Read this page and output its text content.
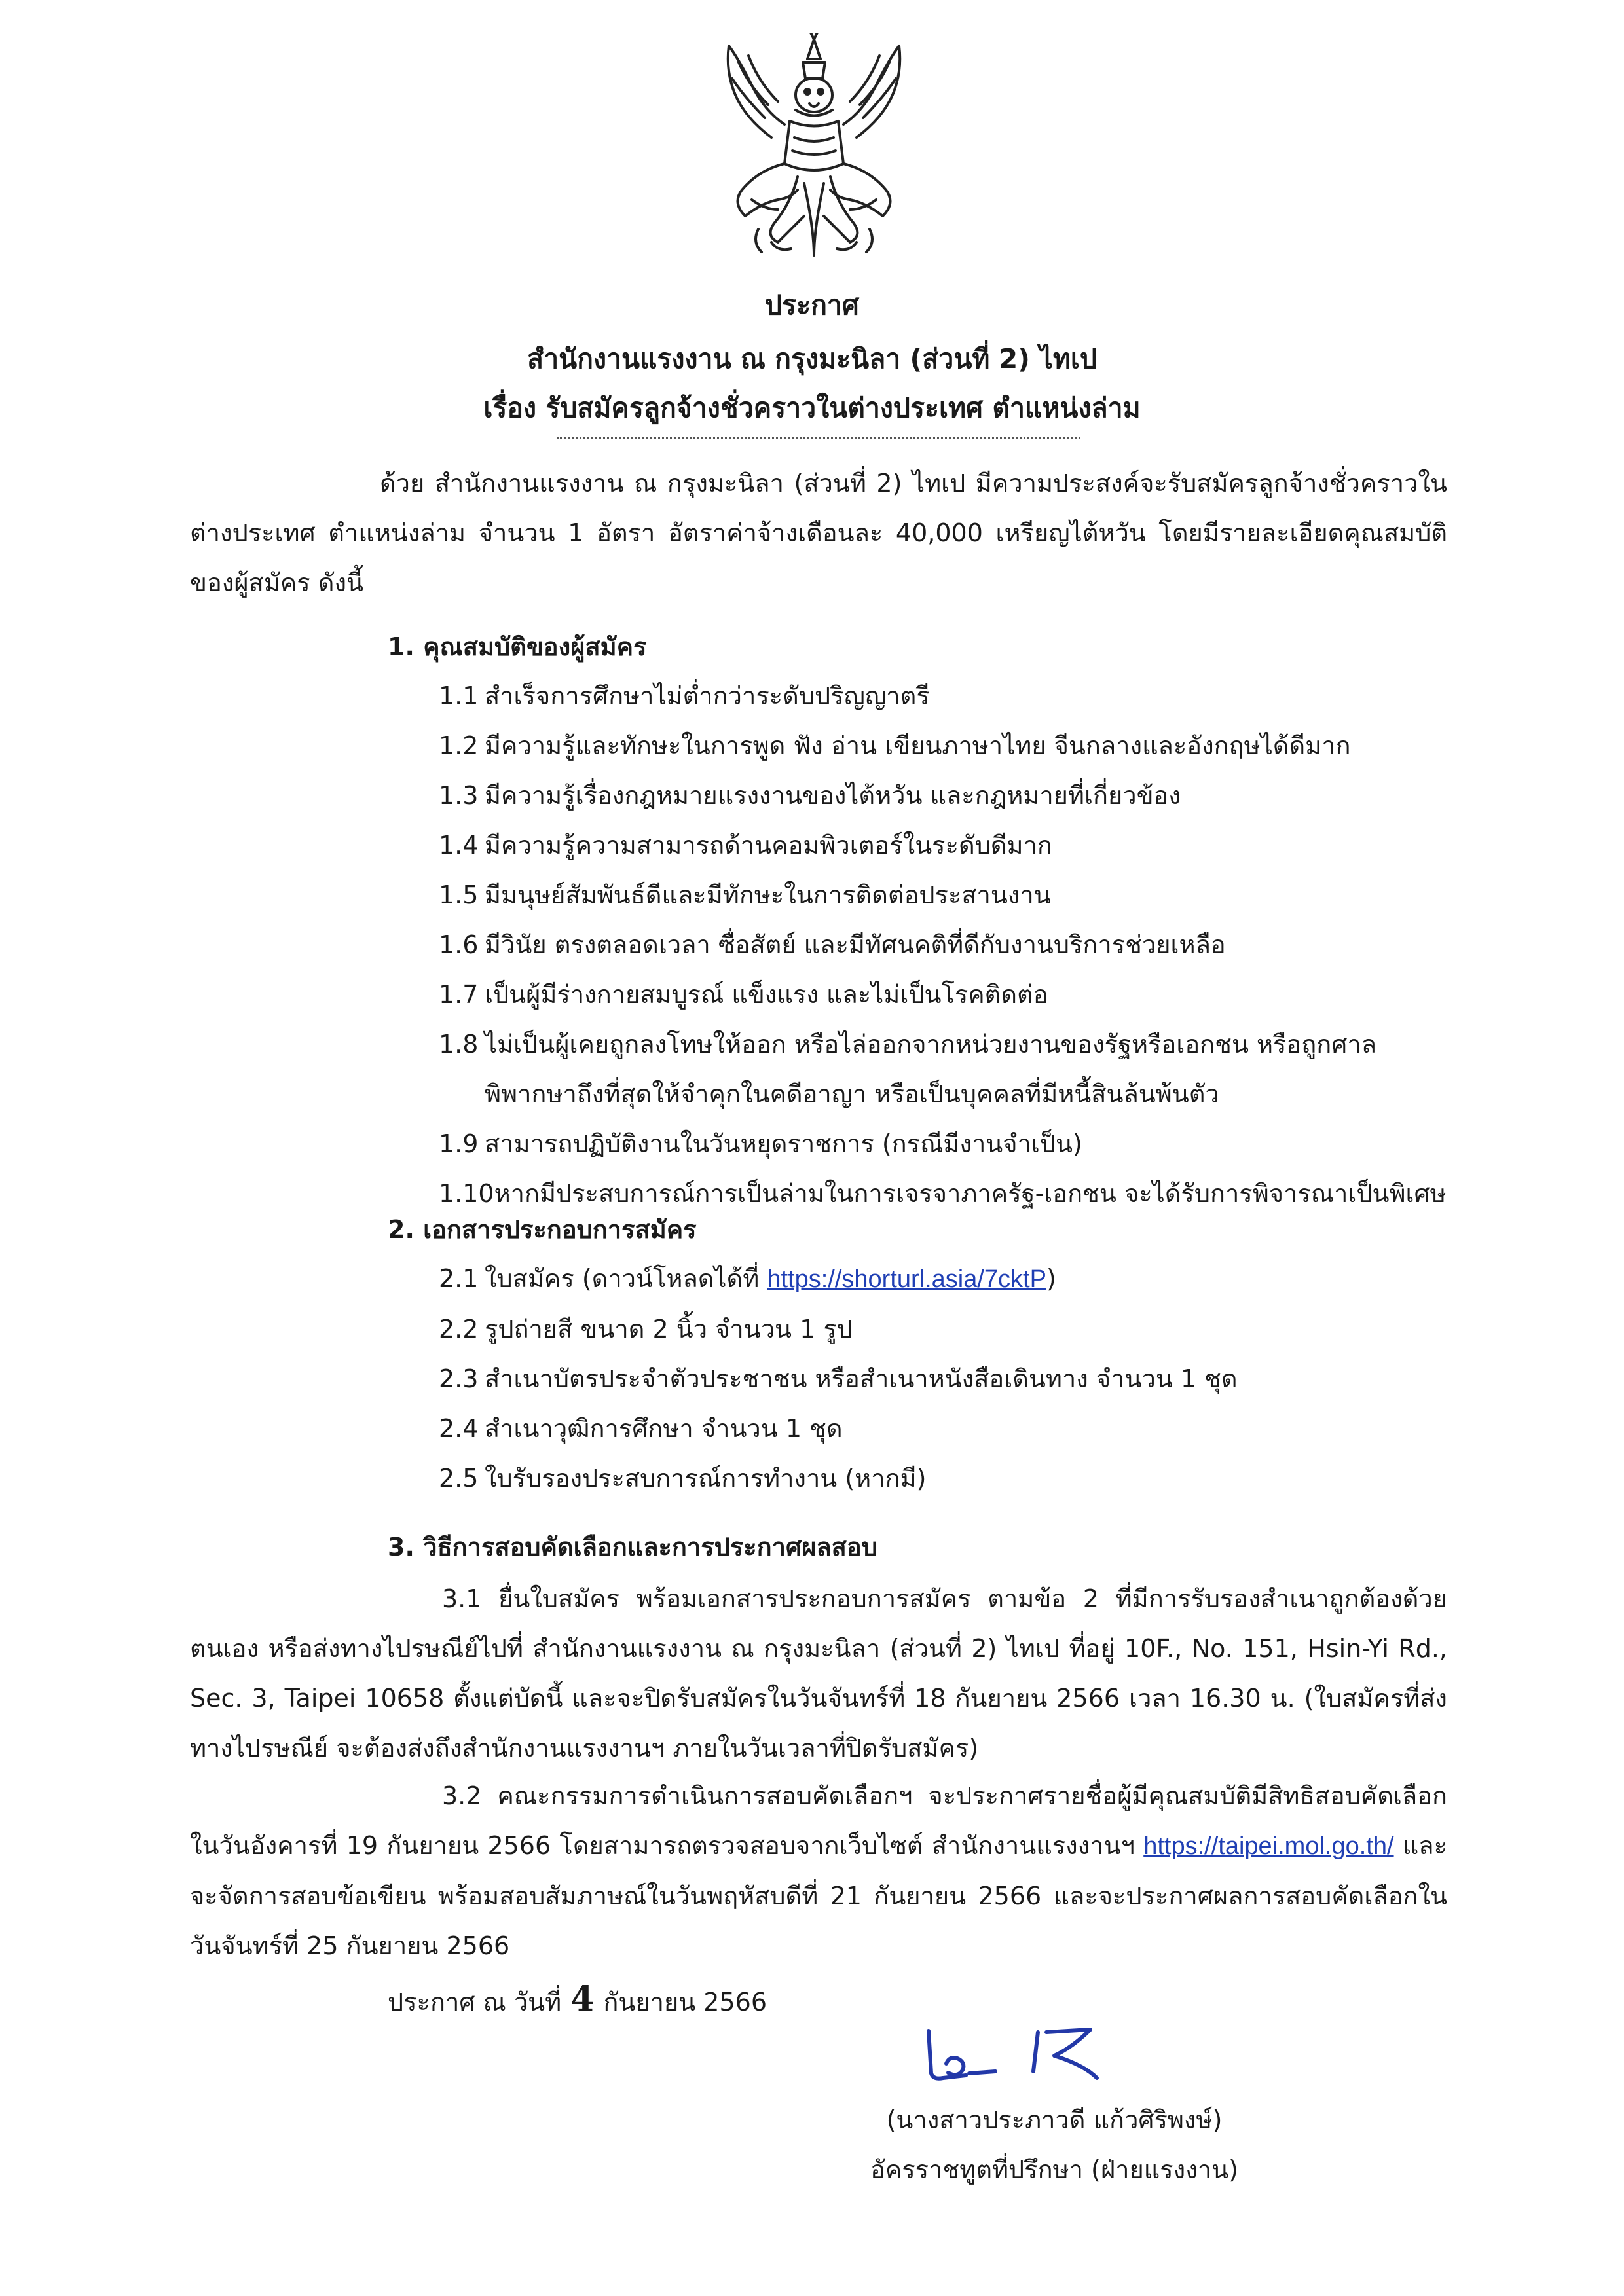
ประกาศ
สำนักงานแรงงาน ณ กรุงมะนิลา (ส่วนที่ 2) ไทเป
เรื่อง รับสมัครลูกจ้างชั่วคราวในต่างประเทศ ตำแหน่งล่าม
ด้วย สำนักงานแรงงาน ณ กรุงมะนิลา (ส่วนที่ 2) ไทเป มีความประสงค์จะรับสมัครลูกจ้างชั่วคราวในต่างประเทศ ตำแหน่งล่าม จำนวน 1 อัตรา อัตราค่าจ้างเดือนละ 40,000 เหรียญไต้หวัน โดยมีรายละเอียดคุณสมบัติของผู้สมัคร ดังนี้
1. คุณสมบัติของผู้สมัคร
1.1 สำเร็จการศึกษาไม่ต่ำกว่าระดับปริญญาตรี
1.2 มีความรู้และทักษะในการพูด ฟัง อ่าน เขียนภาษาไทย จีนกลางและอังกฤษได้ดีมาก
1.3 มีความรู้เรื่องกฎหมายแรงงานของไต้หวัน และกฎหมายที่เกี่ยวข้อง
1.4 มีความรู้ความสามารถด้านคอมพิวเตอร์ในระดับดีมาก
1.5 มีมนุษย์สัมพันธ์ดีและมีทักษะในการติดต่อประสานงาน
1.6 มีวินัย ตรงตลอดเวลา ซื่อสัตย์ และมีทัศนคติที่ดีกับงานบริการช่วยเหลือ
1.7 เป็นผู้มีร่างกายสมบูรณ์ แข็งแรง และไม่เป็นโรคติดต่อ
1.8 ไม่เป็นผู้เคยถูกลงโทษให้ออก หรือไล่ออกจากหน่วยงานของรัฐหรือเอกชน หรือถูกศาลพิพากษาถึงที่สุดให้จำคุกในคดีอาญา หรือเป็นบุคคลที่มีหนี้สินล้นพ้นตัว
1.9 สามารถปฏิบัติงานในวันหยุดราชการ (กรณีมีงานจำเป็น)
1.10 หากมีประสบการณ์การเป็นล่ามในการเจรจาภาครัฐ-เอกชน จะได้รับการพิจารณาเป็นพิเศษ
2. เอกสารประกอบการสมัคร
2.1 ใบสมัคร (ดาวน์โหลดได้ที่ https://shorturl.asia/7cktP)
2.2 รูปถ่ายสี ขนาด 2 นิ้ว จำนวน 1 รูป
2.3 สำเนาบัตรประจำตัวประชาชน หรือสำเนาหนังสือเดินทาง จำนวน 1 ชุด
2.4 สำเนาวุฒิการศึกษา จำนวน 1 ชุด
2.5 ใบรับรองประสบการณ์การทำงาน (หากมี)
3. วิธีการสอบคัดเลือกและการประกาศผลสอบ
3.1 ยื่นใบสมัคร พร้อมเอกสารประกอบการสมัคร ตามข้อ 2 ที่มีการรับรองสำเนาถูกต้องด้วยตนเอง หรือส่งทางไปรษณีย์ไปที่ สำนักงานแรงงาน ณ กรุงมะนิลา (ส่วนที่ 2) ไทเป ที่อยู่ 10F., No. 151, Hsin-Yi Rd., Sec. 3, Taipei 10658 ตั้งแต่บัดนี้ และจะปิดรับสมัครในวันจันทร์ที่ 18 กันยายน 2566 เวลา 16.30 น. (ใบสมัครที่ส่งทางไปรษณีย์ จะต้องส่งถึงสำนักงานแรงงานฯ ภายในวันเวลาที่ปิดรับสมัคร)
3.2 คณะกรรมการดำเนินการสอบคัดเลือกฯ จะประกาศรายชื่อผู้มีคุณสมบัติมีสิทธิสอบคัดเลือกในวันอังคารที่ 19 กันยายน 2566 โดยสามารถตรวจสอบจากเว็บไซต์ สำนักงานแรงงานฯ https://taipei.mol.go.th/ และจะจัดการสอบข้อเขียน พร้อมสอบสัมภาษณ์ในวันพฤหัสบดีที่ 21 กันยายน 2566 และจะประกาศผลการสอบคัดเลือกในวันจันทร์ที่ 25 กันยายน 2566
ประกาศ ณ วันที่ 4 กันยายน 2566
(นางสาวประภาวดี แก้วศิริพงษ์)
อัครราชทูตที่ปรึกษา (ฝ่ายแรงงาน)
